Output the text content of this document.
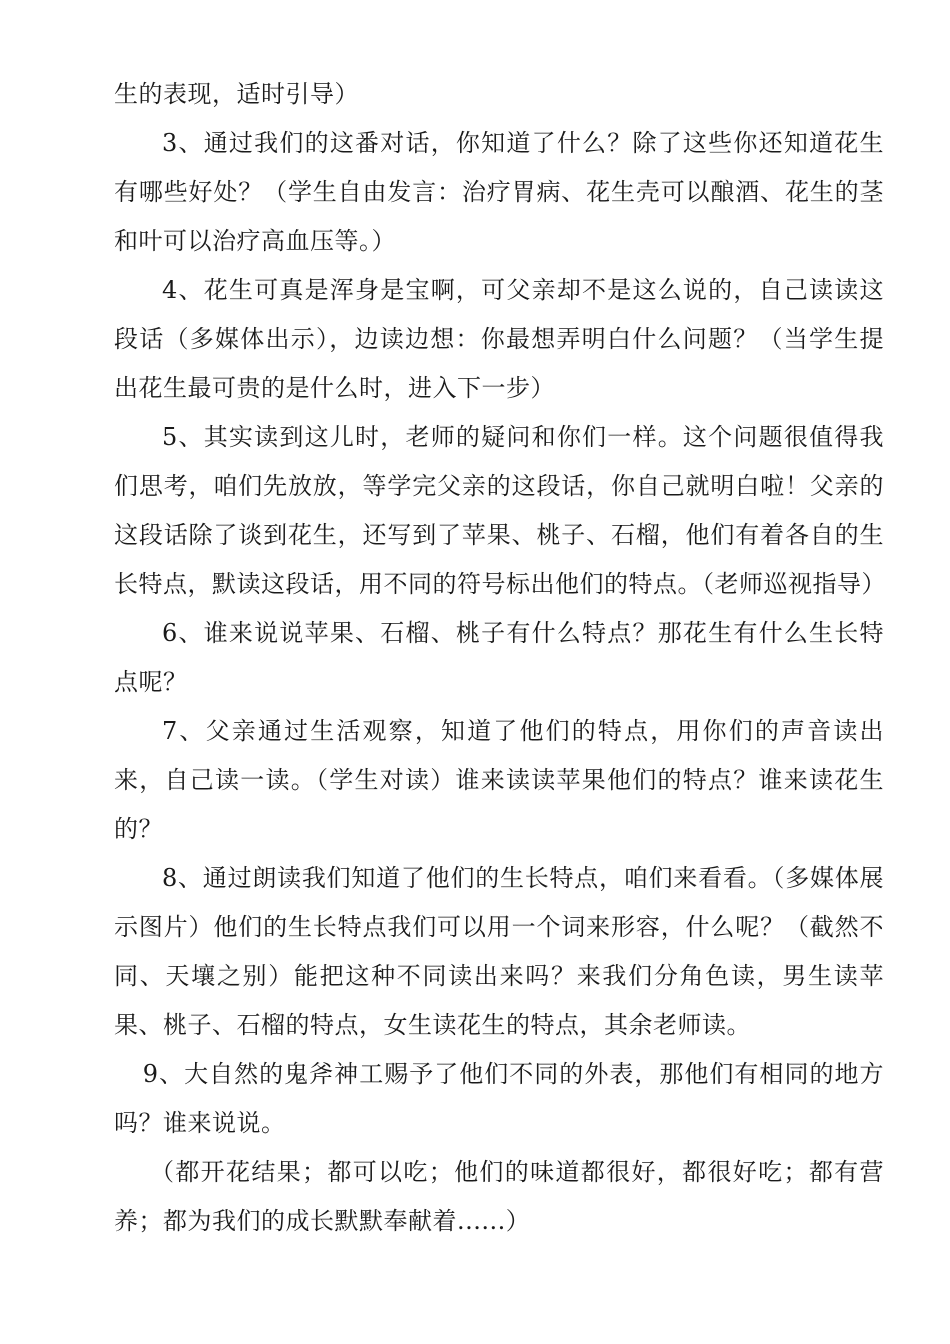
生的表现，适时引导）

3、通过我们的这番对话，你知道了什么？除了这些你还知道花生有哪些好处？（学生自由发言：治疗胃病、花生壳可以酿酒、花生的茎和叶可以治疗高血压等。）

4、花生可真是浑身是宝啊，可父亲却不是这么说的，自己读读这段话（多媒体出示），边读边想：你最想弄明白什么问题？（当学生提出花生最可贵的是什么时，进入下一步）

5、其实读到这儿时，老师的疑问和你们一样。这个问题很值得我们思考，咱们先放放，等学完父亲的这段话，你自己就明白啦！父亲的这段话除了谈到花生，还写到了苹果、桃子、石榴，他们有着各自的生长特点，默读这段话，用不同的符号标出他们的特点。（老师巡视指导）

6、谁来说说苹果、石榴、桃子有什么特点？那花生有什么生长特点呢？

7、父亲通过生活观察，知道了他们的特点，用你们的声音读出来，自己读一读。（学生对读）谁来读读苹果他们的特点？谁来读花生的？

8、通过朗读我们知道了他们的生长特点，咱们来看看。（多媒体展示图片）他们的生长特点我们可以用一个词来形容，什么呢？（截然不同、天壤之别）能把这种不同读出来吗？来我们分角色读，男生读苹果、桃子、石榴的特点，女生读花生的特点，其余老师读。

9、大自然的鬼斧神工赐予了他们不同的外表，那他们有相同的地方吗？谁来说说。

（都开花结果；都可以吃；他们的味道都很好，都很好吃；都有营养；都为我们的成长默默奉献着......）
